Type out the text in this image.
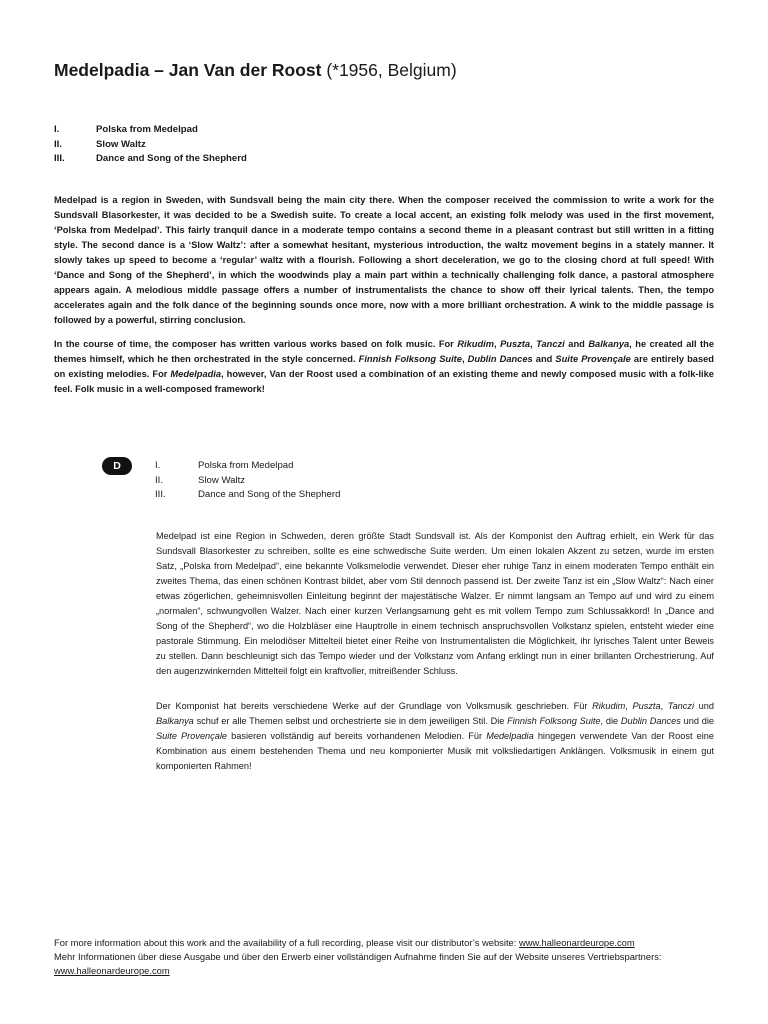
Medelpadia – Jan Van der Roost (*1956, Belgium)
I.	Polska from Medelpad
II.	Slow Waltz
III.	Dance and Song of the Shepherd

Medelpad is a region in Sweden, with Sundsvall being the main city there. When the composer received the commission to write a work for the Sundsvall Blasorkester, it was decided to be a Swedish suite. To create a local accent, an existing folk melody was used in the first movement, ‘Polska from Medelpad’. This fairly tranquil dance in a moderate tempo contains a second theme in a pleasant contrast but still written in a fitting style. The second dance is a ‘Slow Waltz’: after a somewhat hesitant, mysterious introduction, the waltz movement begins in a stately manner. It slowly takes up speed to become a ‘regular’ waltz with a flourish. Following a short deceleration, we go to the closing chord at full speed! With ‘Dance and Song of the Shepherd’, in which the woodwinds play a main part within a technically challenging folk dance, a pastoral atmosphere appears again. A melodious middle passage offers a number of instrumentalists the chance to show off their lyrical talents. Then, the tempo accelerates again and the folk dance of the beginning sounds once more, now with a more brilliant orchestration. A wink to the middle passage is followed by a powerful, stirring conclusion.

In the course of time, the composer has written various works based on folk music. For Rikudim, Puszta, Tanczi and Balkanya, he created all the themes himself, which he then orchestrated in the style concerned. Finnish Folksong Suite, Dublin Dances and Suite Provençale are entirely based on existing melodies. For Medelpadia, however, Van der Roost used a combination of an existing theme and newly composed music with a folk-like feel. Folk music in a well-composed framework!

D	I.	Polska from Medelpad
II.	Slow Waltz
III.	Dance and Song of the Shepherd

Medelpad ist eine Region in Schweden, deren größte Stadt Sundsvall ist. Als der Komponist den Auftrag erhielt, ein Werk für das Sundsvall Blasorkester zu schreiben, sollte es eine schwedische Suite werden. Um einen lokalen Akzent zu setzen, wurde im ersten Satz, „Polska from Medelpad“, eine bekannte Volksmelodie verwendet. Dieser eher ruhige Tanz in einem moderaten Tempo enthält ein zweites Thema, das einen schönen Kontrast bildet, aber vom Stil dennoch passend ist. Der zweite Tanz ist ein „Slow Waltz“: Nach einer etwas zögerlichen, geheimnisvollen Einleitung beginnt der majestätische Walzer. Er nimmt langsam an Tempo auf und wird zu einem „normalen“, schwungvollen Walzer. Nach einer kurzen Verlangsamung geht es mit vollem Tempo zum Schlussakkord! In „Dance and Song of the Shepherd“, wo die Holzbläser eine Hauptrolle in einem technisch anspruchsvollen Volkstanz spielen, entsteht wieder eine pastorale Stimmung. Ein melodiöser Mittelteil bietet einer Reihe von Instrumentalisten die Möglichkeit, ihr lyrisches Talent unter Beweis zu stellen. Dann beschleunigt sich das Tempo wieder und der Volkstanz vom Anfang erklingt nun in einer brillanten Orchestrierung. Auf den augenzwinkernden Mittelteil folgt ein kraftvoller, mitreißender Schluss.

Der Komponist hat bereits verschiedene Werke auf der Grundlage von Volksmusik geschrieben. Für Rikudim, Puszta, Tanczi und Balkanya schuf er alle Themen selbst und orchestrierte sie in dem jeweiligen Stil. Die Finnish Folksong Suite, die Dublin Dances und die Suite Provençale basieren vollständig auf bereits vorhandenen Melodien. Für Medelpadia hingegen verwendete Van der Roost eine Kombination aus einem bestehenden Thema und neu komponierter Musik mit volksliedartigen Anklängen. Volksmusik in einem gut komponierten Rahmen!

For more information about this work and the availability of a full recording, please visit our distributor’s website: www.halleonardeurope.com
Mehr Informationen über diese Ausgabe und über den Erwerb einer vollständigen Aufnahme finden Sie auf der Website unseres Vertriebspartners: www.halleonardeurope.com
